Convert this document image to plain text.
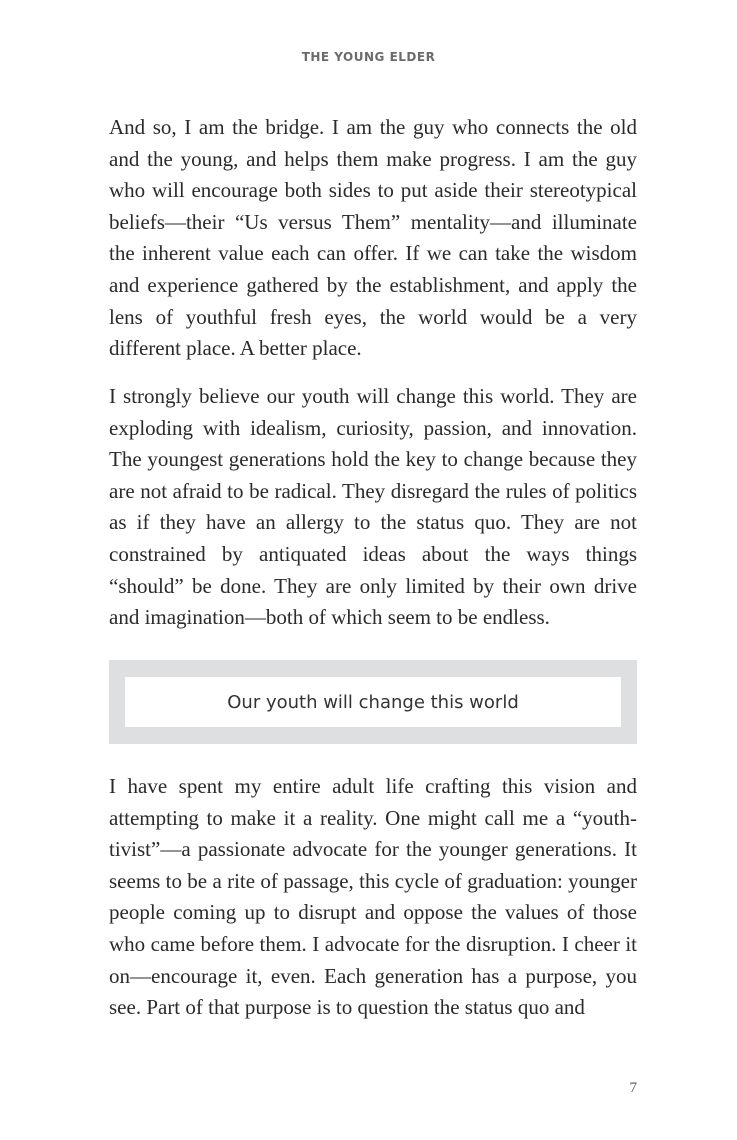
THE YOUNG ELDER

And so, I am the bridge. I am the guy who connects the old and the young, and helps them make progress. I am the guy who will encourage both sides to put aside their stereotypical beliefs—their “Us versus Them” mentality—and illuminate the inherent value each can offer. If we can take the wisdom and experience gathered by the establishment, and apply the lens of youthful fresh eyes, the world would be a very different place. A better place.

I strongly believe our youth will change this world. They are exploding with idealism, curiosity, passion, and innovation. The youngest generations hold the key to change because they are not afraid to be radical. They disregard the rules of politics as if they have an allergy to the status quo. They are not constrained by antiquated ideas about the ways things “should” be done. They are only limited by their own drive and imagination—both of which seem to be endless.

Our youth will change this world

I have spent my entire adult life crafting this vision and attempting to make it a reality. One might call me a “youth-tivist”—a passionate advocate for the younger generations. It seems to be a rite of passage, this cycle of graduation: younger people coming up to disrupt and oppose the values of those who came before them. I advocate for the disruption. I cheer it on—encourage it, even. Each generation has a purpose, you see. Part of that purpose is to question the status quo and

7
